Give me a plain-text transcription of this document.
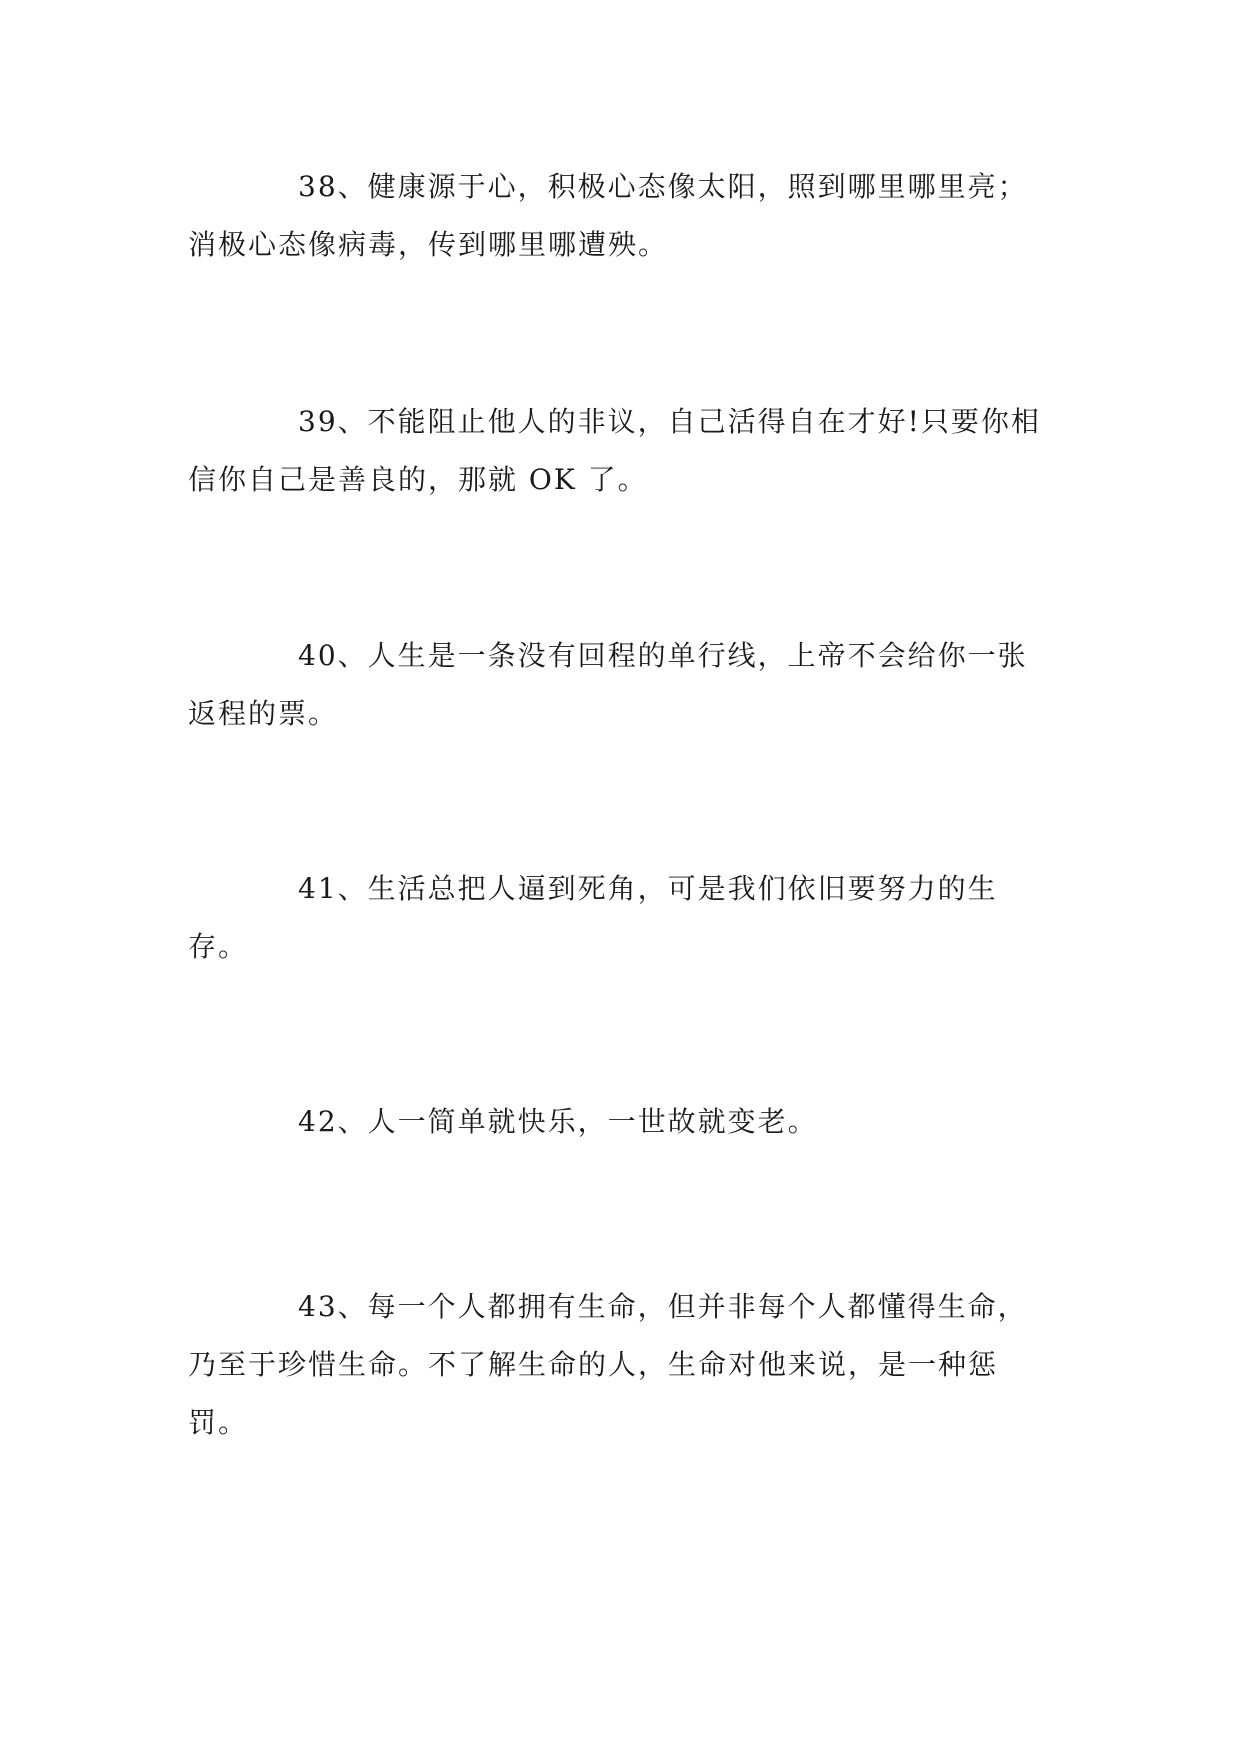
38、健康源于心，积极心态像太阳，照到哪里哪里亮；消极心态像病毒，传到哪里哪遭殃。

39、不能阻止他人的非议，自己活得自在才好!只要你相信你自己是善良的，那就 OK 了。

40、人生是一条没有回程的单行线，上帝不会给你一张返程的票。

41、生活总把人逼到死角，可是我们依旧要努力的生存。

42、人一简单就快乐，一世故就变老。

43、每一个人都拥有生命，但并非每个人都懂得生命，乃至于珍惜生命。不了解生命的人，生命对他来说，是一种惩罚。
